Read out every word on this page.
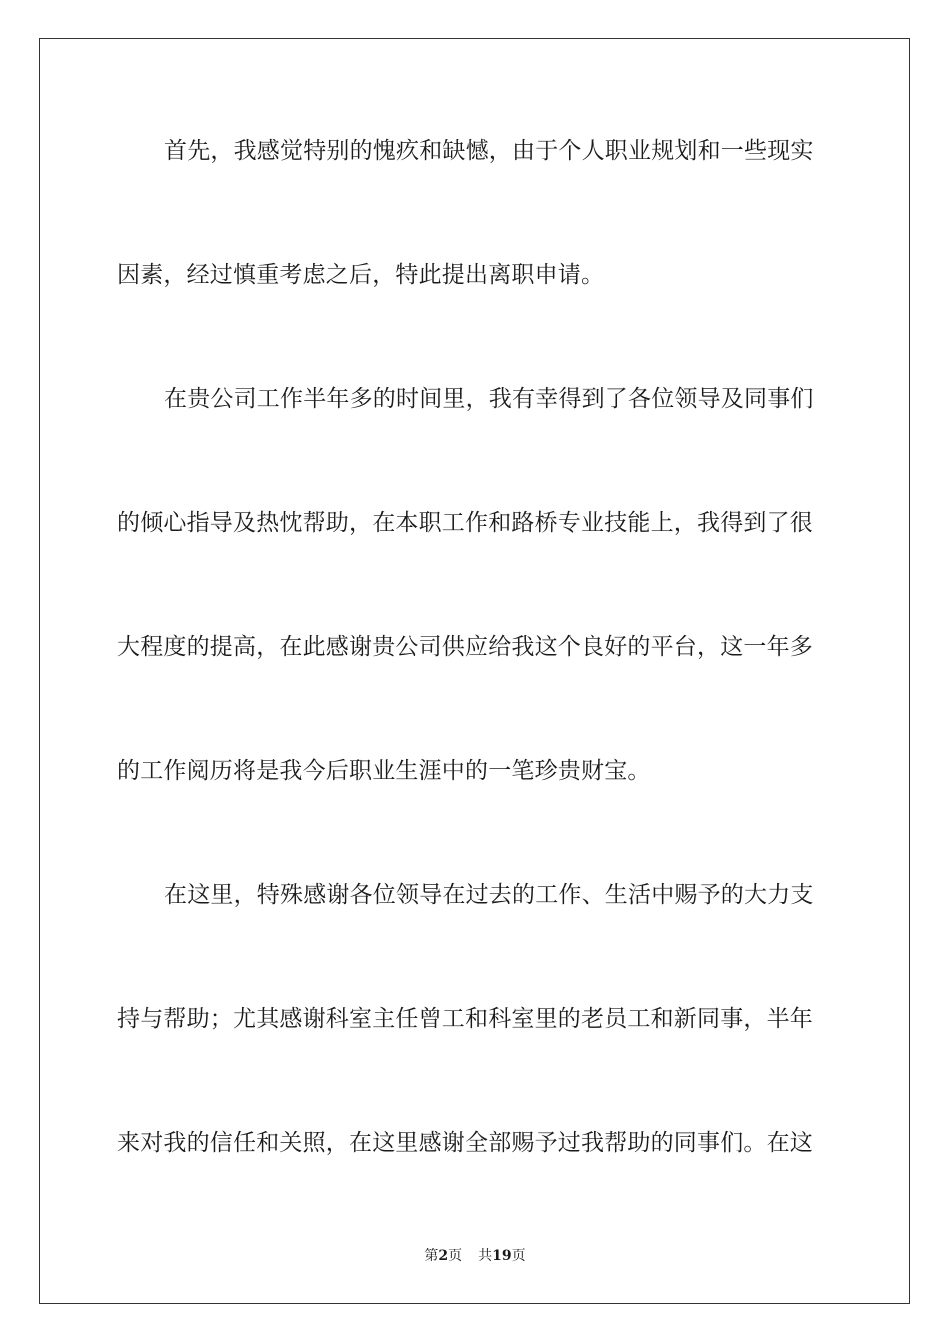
首先，我感觉特别的愧疚和缺憾，由于个人职业规划和一些现实
因素，经过慎重考虑之后，特此提出离职申请。
在贵公司工作半年多的时间里，我有幸得到了各位领导及同事们
的倾心指导及热忱帮助，在本职工作和路桥专业技能上，我得到了很
大程度的提高，在此感谢贵公司供应给我这个良好的平台，这一年多
的工作阅历将是我今后职业生涯中的一笔珍贵财宝。
在这里，特殊感谢各位领导在过去的工作、生活中赐予的大力支
持与帮助；尤其感谢科室主任曾工和科室里的老员工和新同事，半年
来对我的信任和关照，在这里感谢全部赐予过我帮助的同事们。在这
第2页 共19页
